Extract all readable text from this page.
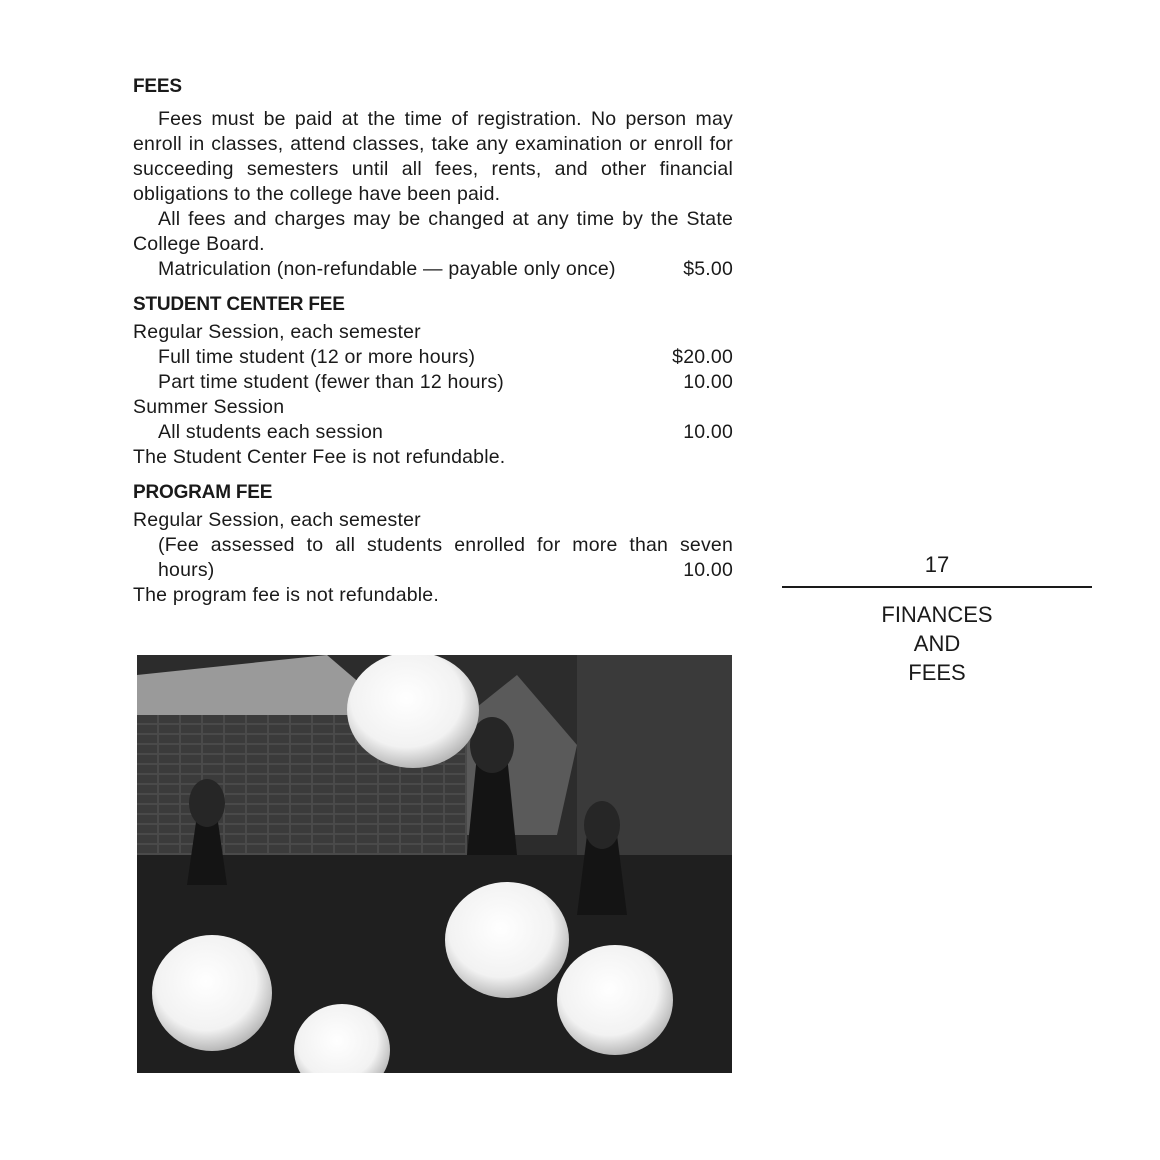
FEES

Fees must be paid at the time of registration. No person may enroll in classes, attend classes, take any examination or enroll for succeeding semesters until all fees, rents, and other financial obligations to the college have been paid.

All fees and charges may be changed at any time by the State College Board.

Matriculation (non-refundable — payable only once)	$5.00
STUDENT CENTER FEE
Regular Session, each semester
Full time student (12 or more hours)	$20.00
Part time student (fewer than 12 hours)	10.00
Summer Session
All students each session	10.00
The Student Center Fee is not refundable.
PROGRAM FEE
Regular Session, each semester
(Fee assessed to all students enrolled for more than seven
hours)	10.00
The program fee is not refundable.
17
FINANCES
AND
FEES
